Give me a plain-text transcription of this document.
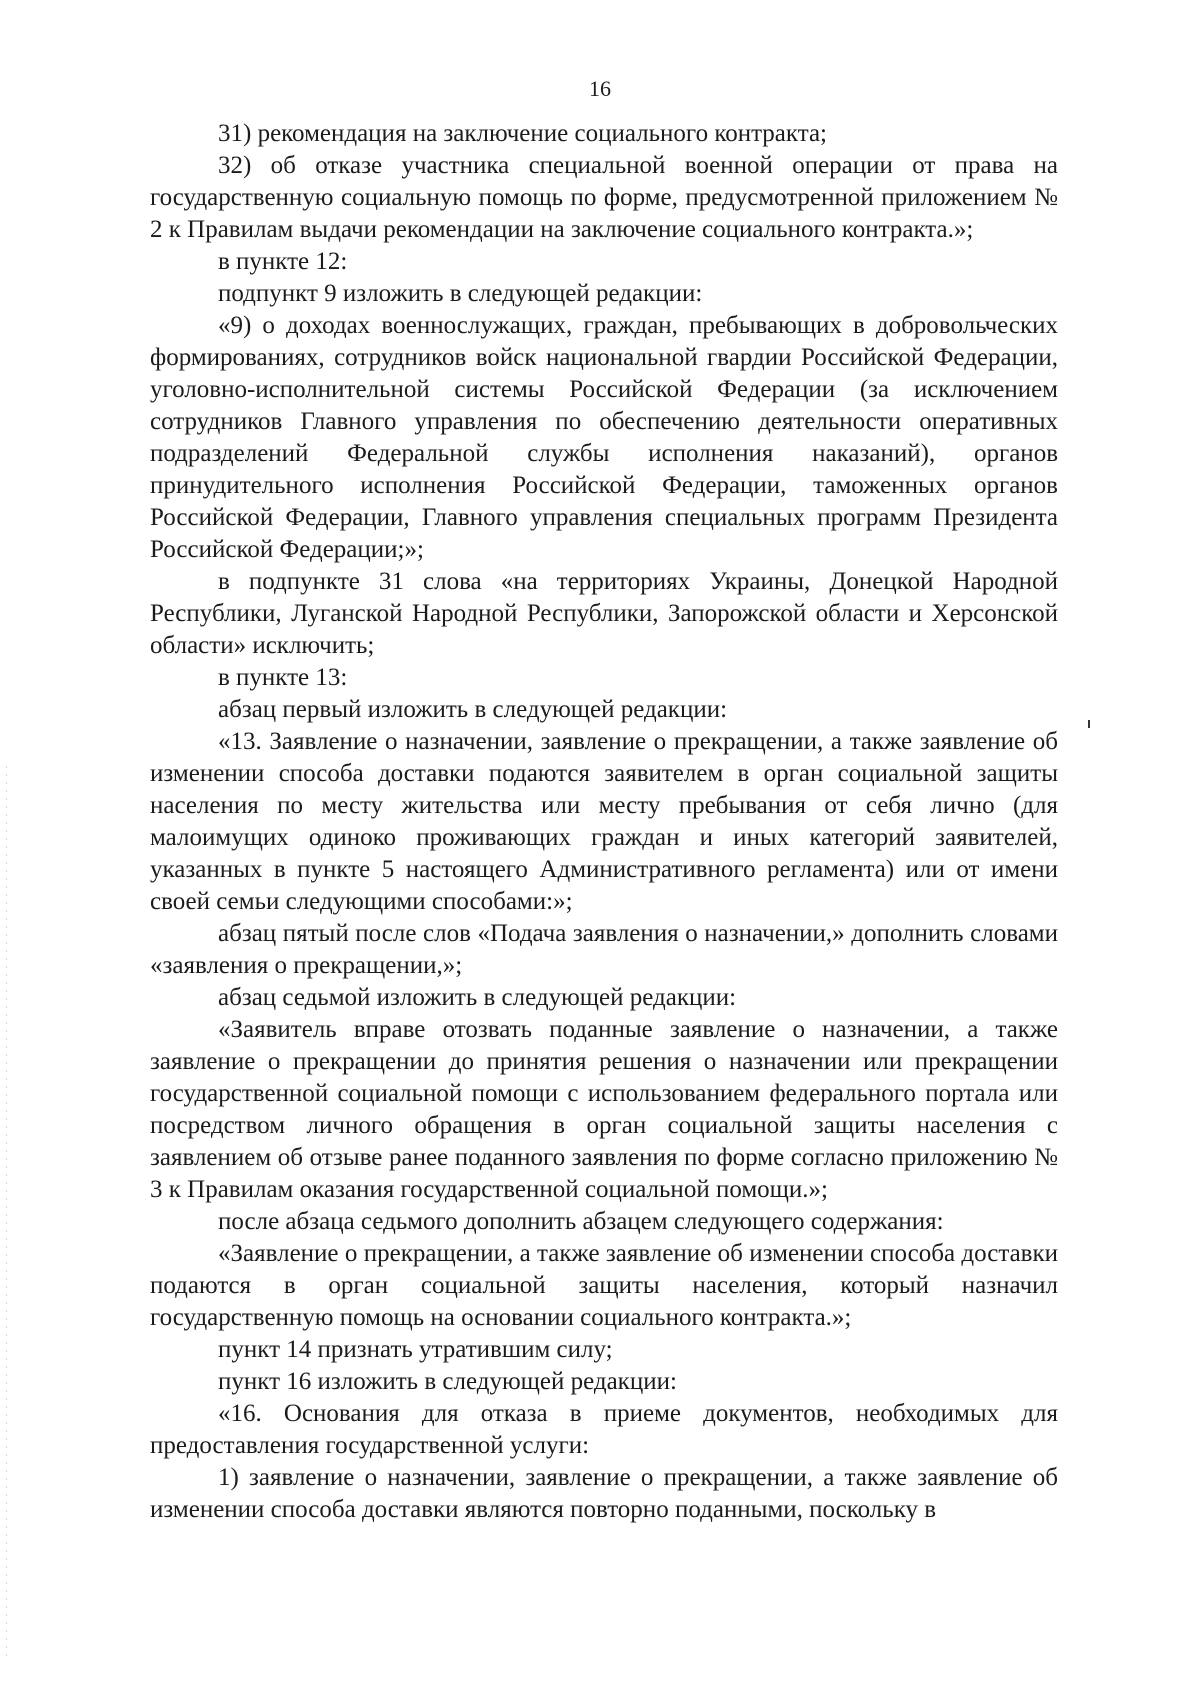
16

31) рекомендация на заключение социального контракта;

32) об отказе участника специальной военной операции от права на государственную социальную помощь по форме, предусмотренной приложением № 2 к Правилам выдачи рекомендации на заключение социального контракта.»;

в пункте 12:

подпункт 9 изложить в следующей редакции:

«9) о доходах военнослужащих, граждан, пребывающих в добровольческих формированиях, сотрудников войск национальной гвардии Российской Федерации, уголовно-исполнительной системы Российской Федерации (за исключением сотрудников Главного управления по обеспечению деятельности оперативных подразделений Федеральной службы исполнения наказаний), органов принудительного исполнения Российской Федерации, таможенных органов Российской Федерации, Главного управления специальных программ Президента Российской Федерации;»;

в подпункте 31 слова «на территориях Украины, Донецкой Народной Республики, Луганской Народной Республики, Запорожской области и Херсонской области» исключить;

в пункте 13:

абзац первый изложить в следующей редакции:

«13. Заявление о назначении, заявление о прекращении, а также заявление об изменении способа доставки подаются заявителем в орган социальной защиты населения по месту жительства или месту пребывания от себя лично (для малоимущих одиноко проживающих граждан и иных категорий заявителей, указанных в пункте 5 настоящего Административного регламента) или от имени своей семьи следующими способами:»;

абзац пятый после слов «Подача заявления о назначении,» дополнить словами «заявления о прекращении,»;

абзац седьмой изложить в следующей редакции:

«Заявитель вправе отозвать поданные заявление о назначении, а также заявление о прекращении до принятия решения о назначении или прекращении государственной социальной помощи с использованием федерального портала или посредством личного обращения в орган социальной защиты населения с заявлением об отзыве ранее поданного заявления по форме согласно приложению № 3 к Правилам оказания государственной социальной помощи.»;

после абзаца седьмого дополнить абзацем следующего содержания:

«Заявление о прекращении, а также заявление об изменении способа доставки подаются в орган социальной защиты населения, который назначил государственную помощь на основании социального контракта.»;

пункт 14 признать утратившим силу;

пункт 16 изложить в следующей редакции:

«16. Основания для отказа в приеме документов, необходимых для предоставления государственной услуги:

1) заявление о назначении, заявление о прекращении, а также заявление об изменении способа доставки являются повторно поданными, поскольку в
